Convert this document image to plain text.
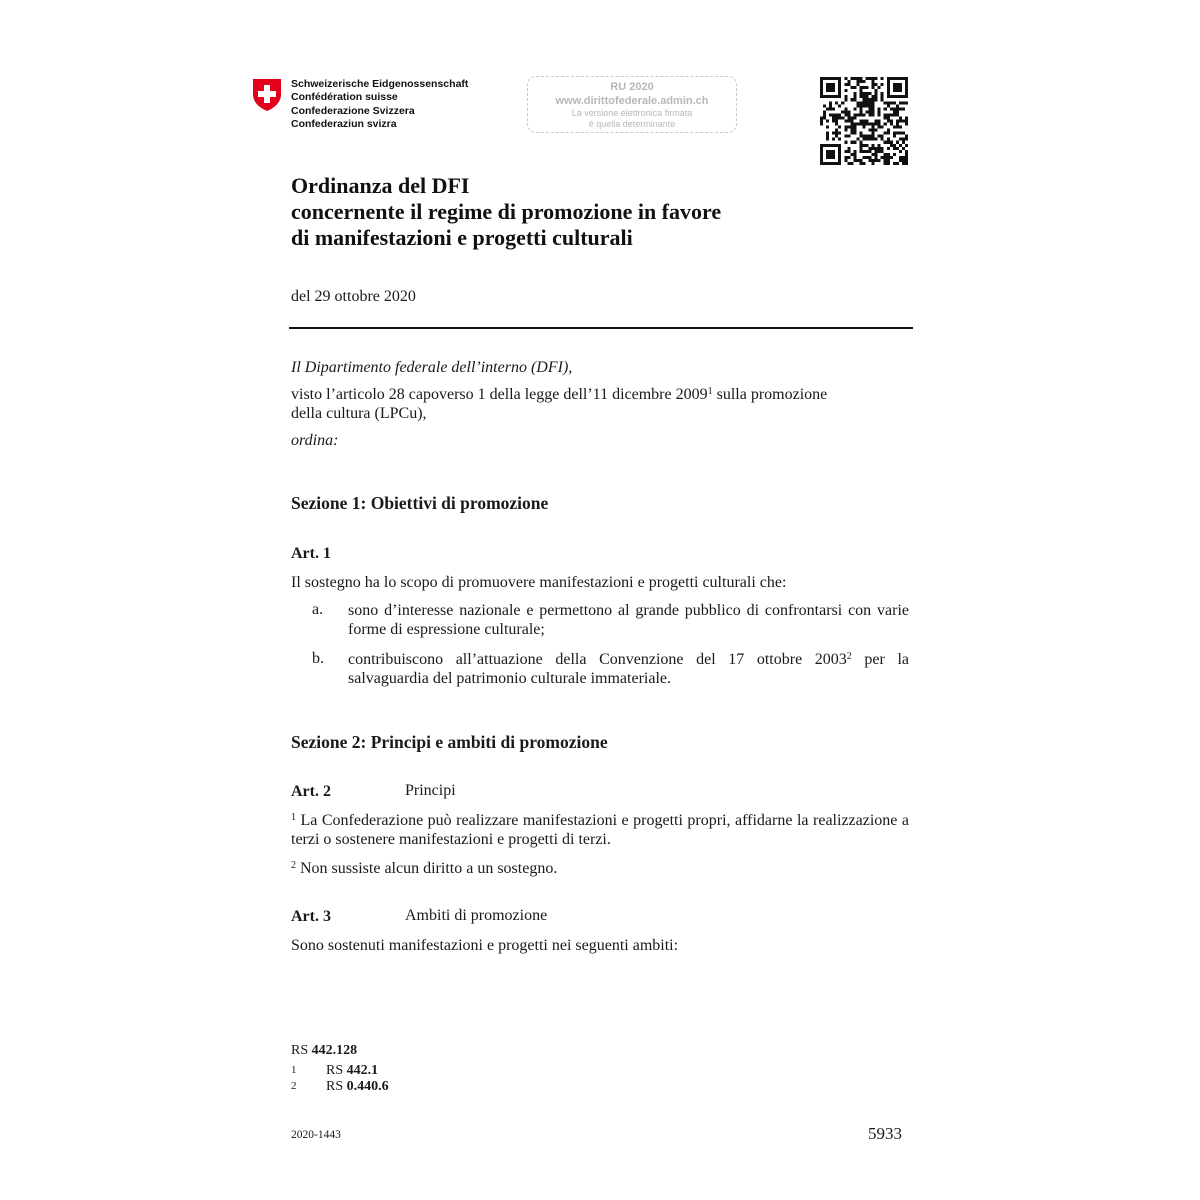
Schweizerische Eidgenossenschaft
Confédération suisse
Confederazione Svizzera
Confederaziun svizra
RU 2020
www.dirittofederale.admin.ch
La versione elettronica firmata
è quella determinante
Ordinanza del DFI
concernente il regime di promozione in favore
di manifestazioni e progetti culturali
del 29 ottobre 2020
Il Dipartimento federale dell’interno (DFI),
visto l’articolo 28 capoverso 1 della legge dell’11 dicembre 2009$^1$ sulla promozione
della cultura (LPCu),
ordina:
Sezione 1: Obiettivi di promozione
Art. 1
Il sostegno ha lo scopo di promuovere manifestazioni e progetti culturali che:
a. sono d’interesse nazionale e permettono al grande pubblico di confrontarsi con varie forme di espressione culturale;
b. contribuiscono all’attuazione della Convenzione del 17 ottobre 2003$^2$ per la salvaguardia del patrimonio culturale immateriale.
Sezione 2: Principi e ambiti di promozione
Art. 2	Principi
$^1$ La Confederazione può realizzare manifestazioni e progetti propri, affidarne la realizzazione a terzi o sostenere manifestazioni e progetti di terzi.
$^2$ Non sussiste alcun diritto a un sostegno.
Art. 3	Ambiti di promozione
Sono sostenuti manifestazioni e progetti nei seguenti ambiti:
RS 442.128
1 RS 442.1
2 RS 0.440.6
2020-1443	5933
